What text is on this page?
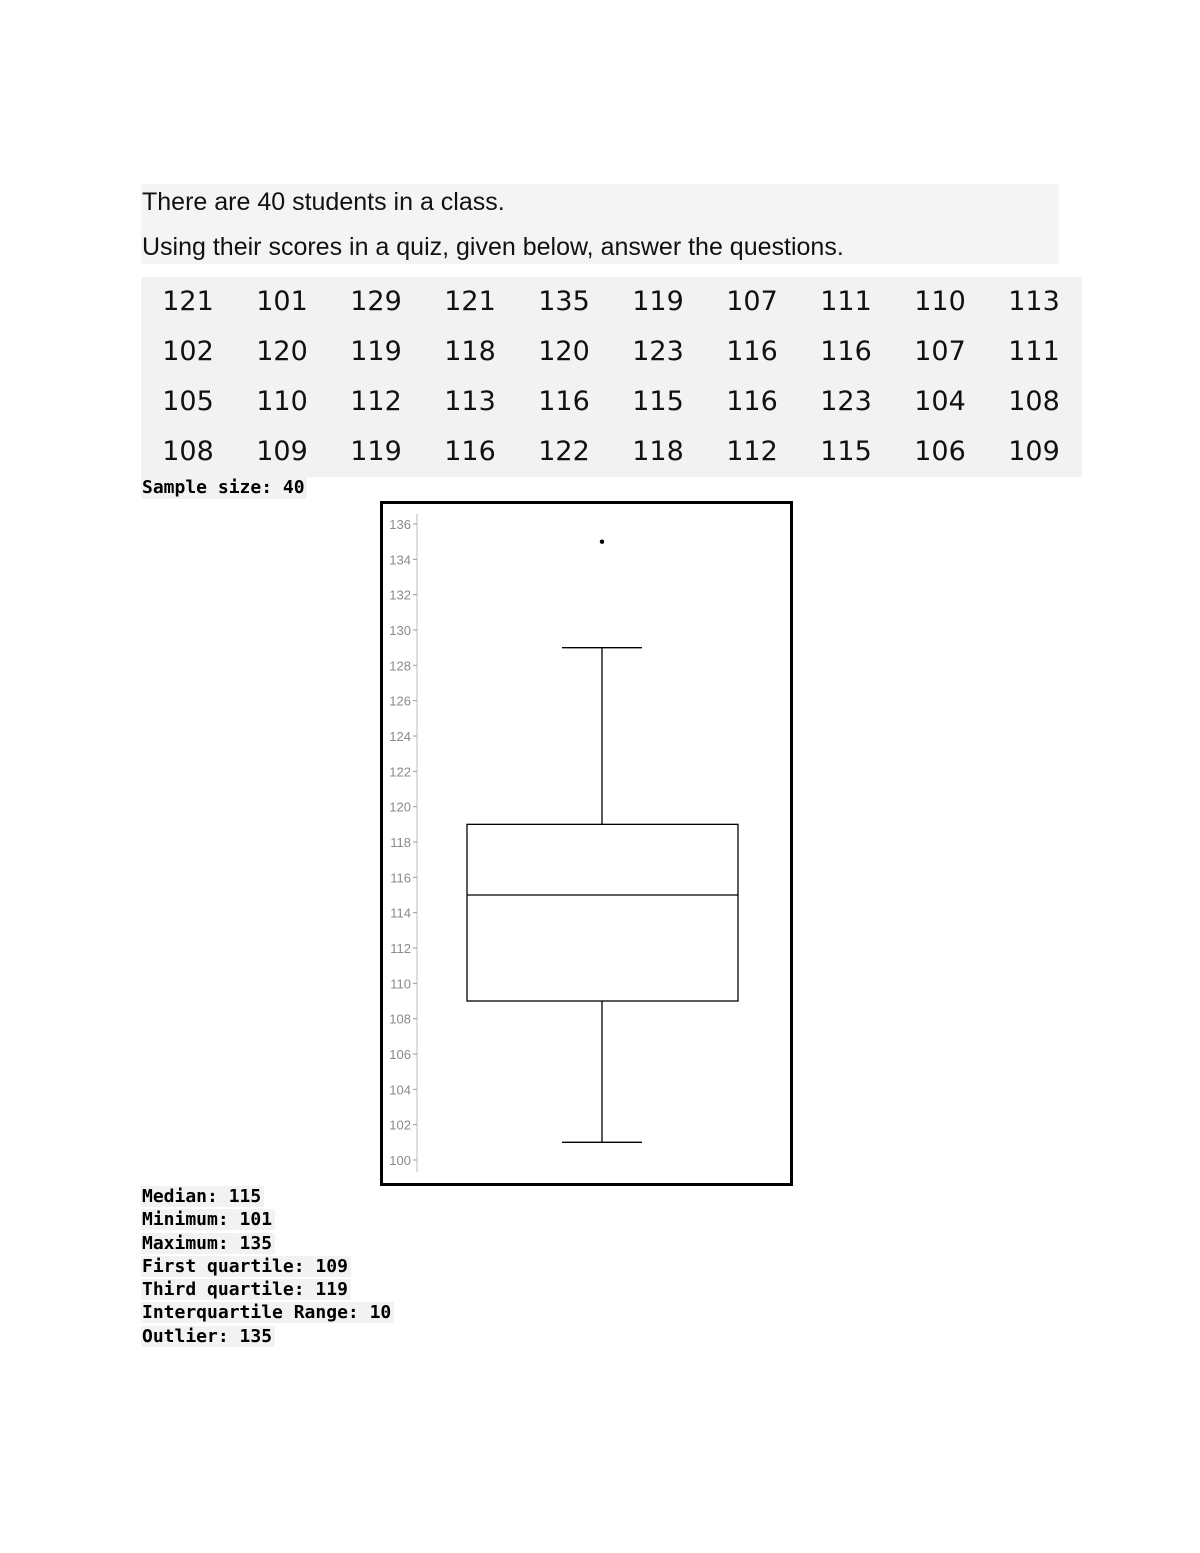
There are 40 students in a class.

Using their scores in a quiz, given below, answer the questions.

121	101	129	121	135	119	107	111	110	113
102	120	119	118	120	123	116	116	107	111
105	110	112	113	116	115	116	123	104	108
108	109	119	116	122	118	112	115	106	109
Sample size: 40
100
102
104
106
108
110
112
114
116
118
120
122
124
126
128
130
132
134
136
Median: 115
Minimum: 101
Maximum: 135
First quartile: 109
Third quartile: 119
Interquartile Range: 10
Outlier: 135
